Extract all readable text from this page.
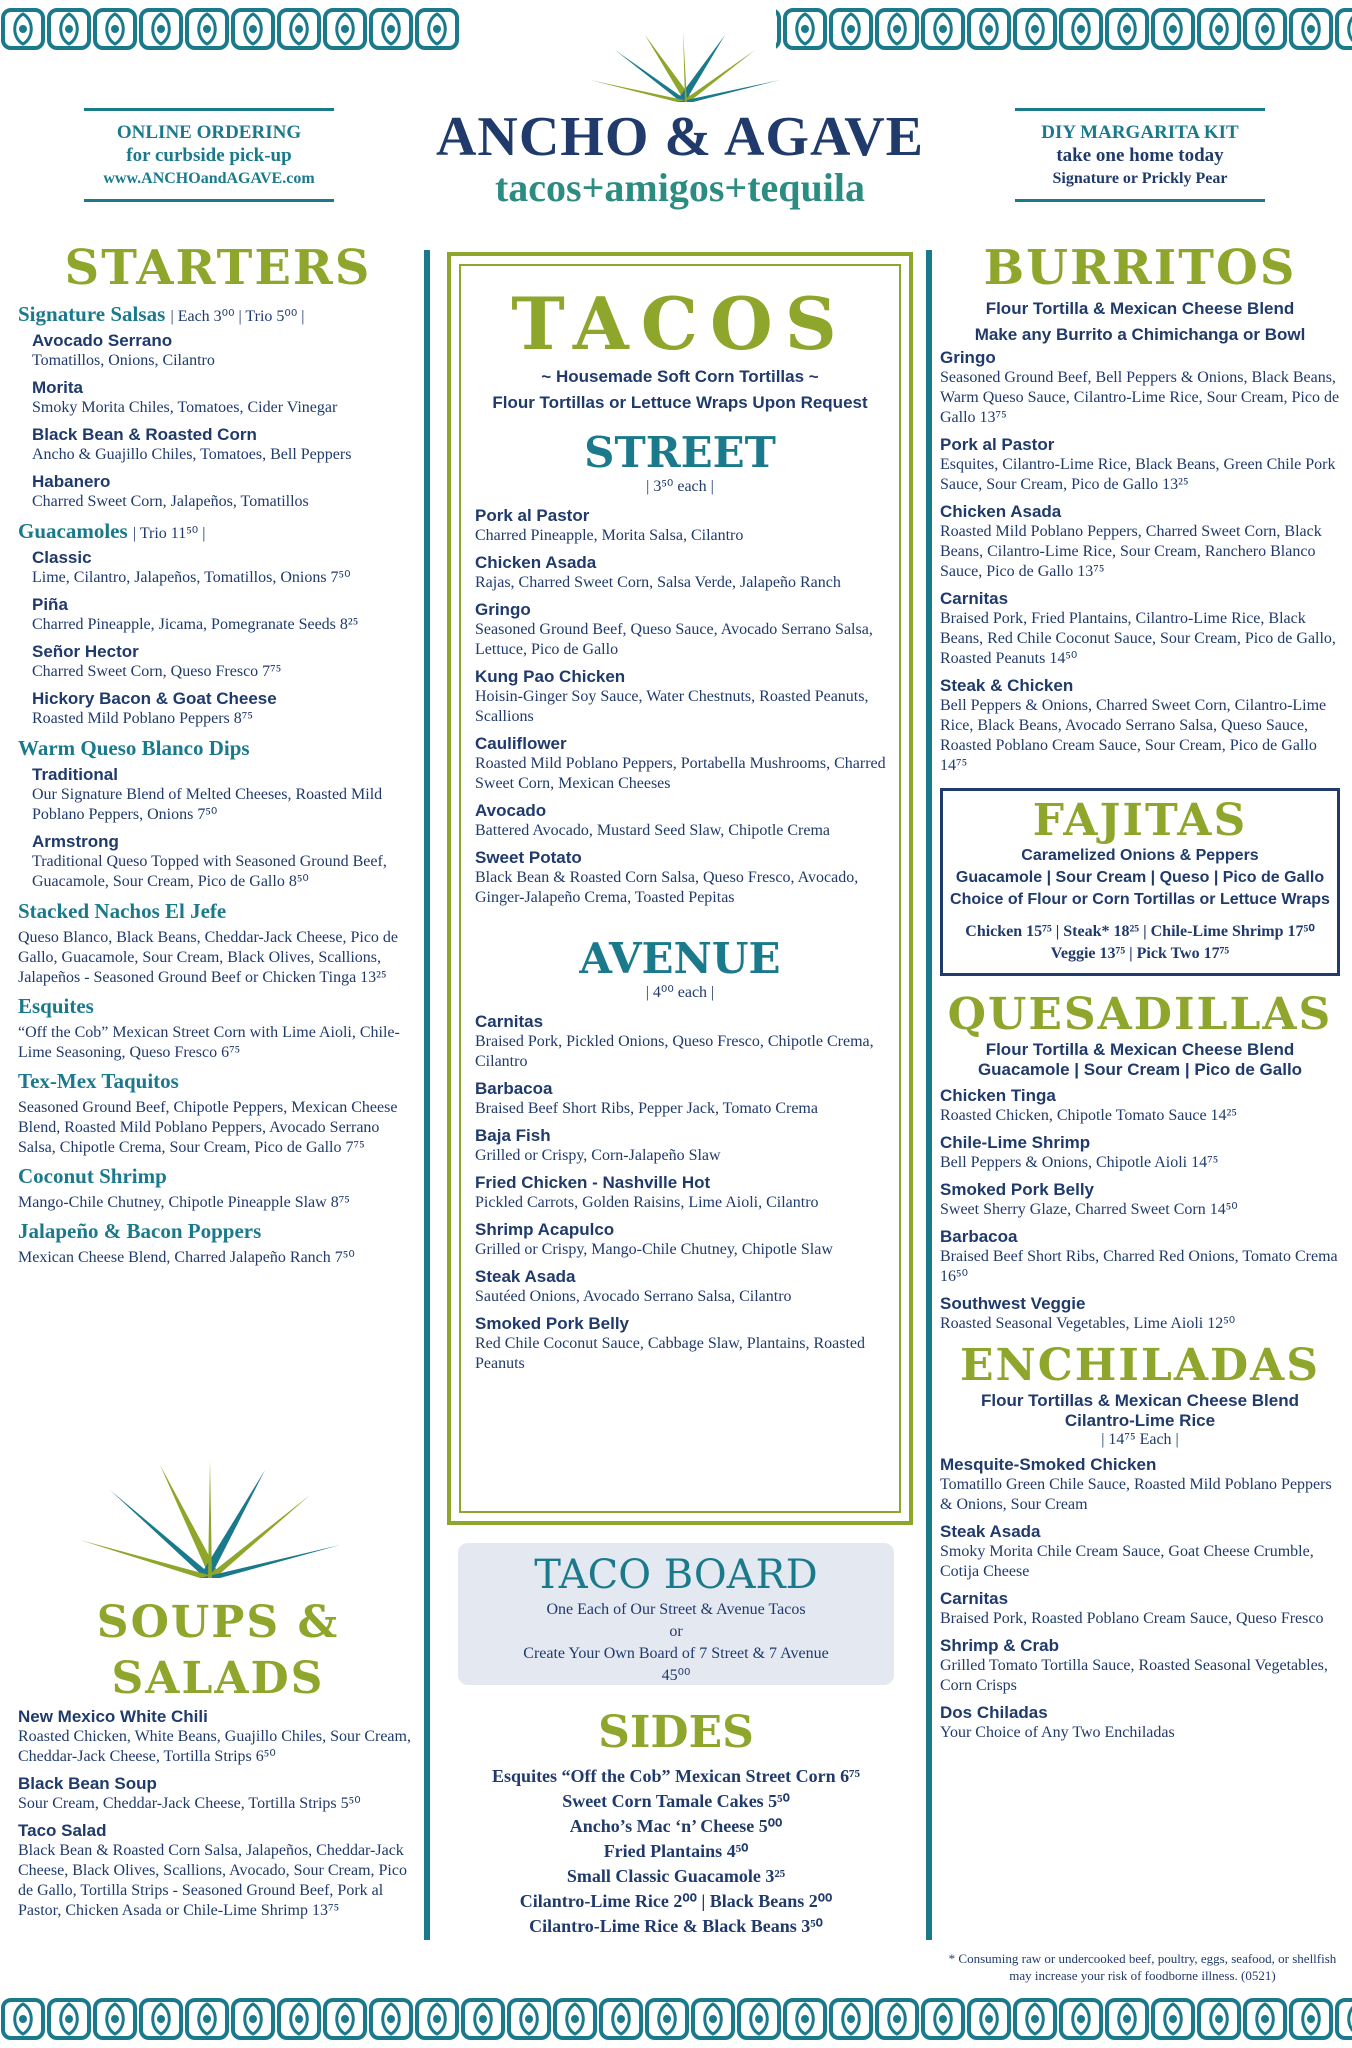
ONLINE ORDERING
for curbside pick-up
www.ANCHOandAGAVE.com
ANCHO & AGAVE
tacos+amigos+tequila
DIY MARGARITA KIT
take one home today
Signature or Prickly Pear
STARTERS
Signature Salsas | Each 3⁰⁰ | Trio 5⁰⁰ |
Avocado Serrano
Tomatillos, Onions, Cilantro
Morita
Smoky Morita Chiles, Tomatoes, Cider Vinegar
Black Bean & Roasted Corn
Ancho & Guajillo Chiles, Tomatoes, Bell Peppers
Habanero
Charred Sweet Corn, Jalapeños, Tomatillos
Guacamoles | Trio 11⁵⁰ |
Classic
Lime, Cilantro, Jalapeños, Tomatillos, Onions 7⁵⁰
Piña
Charred Pineapple, Jicama, Pomegranate Seeds 8²⁵
Señor Hector
Charred Sweet Corn, Queso Fresco 7⁷⁵
Hickory Bacon & Goat Cheese
Roasted Mild Poblano Peppers 8⁷⁵
Warm Queso Blanco Dips
Traditional
Our Signature Blend of Melted Cheeses, Roasted Mild Poblano Peppers, Onions 7⁵⁰
Armstrong
Traditional Queso Topped with Seasoned Ground Beef, Guacamole, Sour Cream, Pico de Gallo 8⁵⁰
Stacked Nachos El Jefe
Queso Blanco, Black Beans, Cheddar-Jack Cheese, Pico de Gallo, Guacamole, Sour Cream, Black Olives, Scallions, Jalapeños - Seasoned Ground Beef or Chicken Tinga 13²⁵
Esquites
“Off the Cob” Mexican Street Corn with Lime Aioli, Chile-Lime Seasoning, Queso Fresco 6⁷⁵
Tex-Mex Taquitos
Seasoned Ground Beef, Chipotle Peppers, Mexican Cheese Blend, Roasted Mild Poblano Peppers, Avocado Serrano Salsa, Chipotle Crema, Sour Cream, Pico de Gallo 7⁷⁵
Coconut Shrimp
Mango-Chile Chutney, Chipotle Pineapple Slaw 8⁷⁵
Jalapeño & Bacon Poppers
Mexican Cheese Blend, Charred Jalapeño Ranch 7⁵⁰
SOUPS & SALADS
New Mexico White Chili
Roasted Chicken, White Beans, Guajillo Chiles, Sour Cream, Cheddar-Jack Cheese, Tortilla Strips 6⁵⁰
Black Bean Soup
Sour Cream, Cheddar-Jack Cheese, Tortilla Strips 5⁵⁰
Taco Salad
Black Bean & Roasted Corn Salsa, Jalapeños, Cheddar-Jack Cheese, Black Olives, Scallions, Avocado, Sour Cream, Pico de Gallo, Tortilla Strips - Seasoned Ground Beef, Pork al Pastor, Chicken Asada or Chile-Lime Shrimp 13⁷⁵
TACOS
~ Housemade Soft Corn Tortillas ~
Flour Tortillas or Lettuce Wraps Upon Request
STREET
| 3⁵⁰ each |
Pork al Pastor
Charred Pineapple, Morita Salsa, Cilantro
Chicken Asada
Rajas, Charred Sweet Corn, Salsa Verde, Jalapeño Ranch
Gringo
Seasoned Ground Beef, Queso Sauce, Avocado Serrano Salsa, Lettuce, Pico de Gallo
Kung Pao Chicken
Hoisin-Ginger Soy Sauce, Water Chestnuts, Roasted Peanuts, Scallions
Cauliflower
Roasted Mild Poblano Peppers, Portabella Mushrooms, Charred Sweet Corn, Mexican Cheeses
Avocado
Battered Avocado, Mustard Seed Slaw, Chipotle Crema
Sweet Potato
Black Bean & Roasted Corn Salsa, Queso Fresco, Avocado, Ginger-Jalapeño Crema, Toasted Pepitas
AVENUE
| 4⁰⁰ each |
Carnitas
Braised Pork, Pickled Onions, Queso Fresco, Chipotle Crema, Cilantro
Barbacoa
Braised Beef Short Ribs, Pepper Jack, Tomato Crema
Baja Fish
Grilled or Crispy, Corn-Jalapeño Slaw
Fried Chicken - Nashville Hot
Pickled Carrots, Golden Raisins, Lime Aioli, Cilantro
Shrimp Acapulco
Grilled or Crispy, Mango-Chile Chutney, Chipotle Slaw
Steak Asada
Sautéed Onions, Avocado Serrano Salsa, Cilantro
Smoked Pork Belly
Red Chile Coconut Sauce, Cabbage Slaw, Plantains, Roasted Peanuts
TACO BOARD
One Each of Our Street & Avenue Tacos
or
Create Your Own Board of 7 Street & 7 Avenue
45⁰⁰
SIDES
Esquites “Off the Cob” Mexican Street Corn 6⁷⁵
Sweet Corn Tamale Cakes 5⁵⁰
Ancho’s Mac ‘n’ Cheese 5⁰⁰
Fried Plantains 4⁵⁰
Small Classic Guacamole 3²⁵
Cilantro-Lime Rice 2⁰⁰ | Black Beans 2⁰⁰
Cilantro-Lime Rice & Black Beans 3⁵⁰
BURRITOS
Flour Tortilla & Mexican Cheese Blend
Make any Burrito a Chimichanga or Bowl
Gringo
Seasoned Ground Beef, Bell Peppers & Onions, Black Beans, Warm Queso Sauce, Cilantro-Lime Rice, Sour Cream, Pico de Gallo 13⁷⁵
Pork al Pastor
Esquites, Cilantro-Lime Rice, Black Beans, Green Chile Pork Sauce, Sour Cream, Pico de Gallo 13²⁵
Chicken Asada
Roasted Mild Poblano Peppers, Charred Sweet Corn, Black Beans, Cilantro-Lime Rice, Sour Cream, Ranchero Blanco Sauce, Pico de Gallo 13⁷⁵
Carnitas
Braised Pork, Fried Plantains, Cilantro-Lime Rice, Black Beans, Red Chile Coconut Sauce, Sour Cream, Pico de Gallo, Roasted Peanuts 14⁵⁰
Steak & Chicken
Bell Peppers & Onions, Charred Sweet Corn, Cilantro-Lime Rice, Black Beans, Avocado Serrano Salsa, Queso Sauce, Roasted Poblano Cream Sauce, Sour Cream, Pico de Gallo 14⁷⁵
FAJITAS
Caramelized Onions & Peppers
Guacamole | Sour Cream | Queso | Pico de Gallo
Choice of Flour or Corn Tortillas or Lettuce Wraps
Chicken 15⁷⁵ | Steak* 18²⁵ | Chile-Lime Shrimp 17⁵⁰
Veggie 13⁷⁵ | Pick Two 17⁷⁵
QUESADILLAS
Flour Tortilla & Mexican Cheese Blend
Guacamole | Sour Cream | Pico de Gallo
Chicken Tinga
Roasted Chicken, Chipotle Tomato Sauce 14²⁵
Chile-Lime Shrimp
Bell Peppers & Onions, Chipotle Aioli 14⁷⁵
Smoked Pork Belly
Sweet Sherry Glaze, Charred Sweet Corn 14⁵⁰
Barbacoa
Braised Beef Short Ribs, Charred Red Onions, Tomato Crema 16⁵⁰
Southwest Veggie
Roasted Seasonal Vegetables, Lime Aioli 12⁵⁰
ENCHILADAS
Flour Tortillas & Mexican Cheese Blend
Cilantro-Lime Rice
| 14⁷⁵ Each |
Mesquite-Smoked Chicken
Tomatillo Green Chile Sauce, Roasted Mild Poblano Peppers & Onions, Sour Cream
Steak Asada
Smoky Morita Chile Cream Sauce, Goat Cheese Crumble, Cotija Cheese
Carnitas
Braised Pork, Roasted Poblano Cream Sauce, Queso Fresco
Shrimp & Crab
Grilled Tomato Tortilla Sauce, Roasted Seasonal Vegetables, Corn Crisps
Dos Chiladas
Your Choice of Any Two Enchiladas
* Consuming raw or undercooked beef, poultry, eggs, seafood, or shellfish may increase your risk of foodborne illness. (0521)
